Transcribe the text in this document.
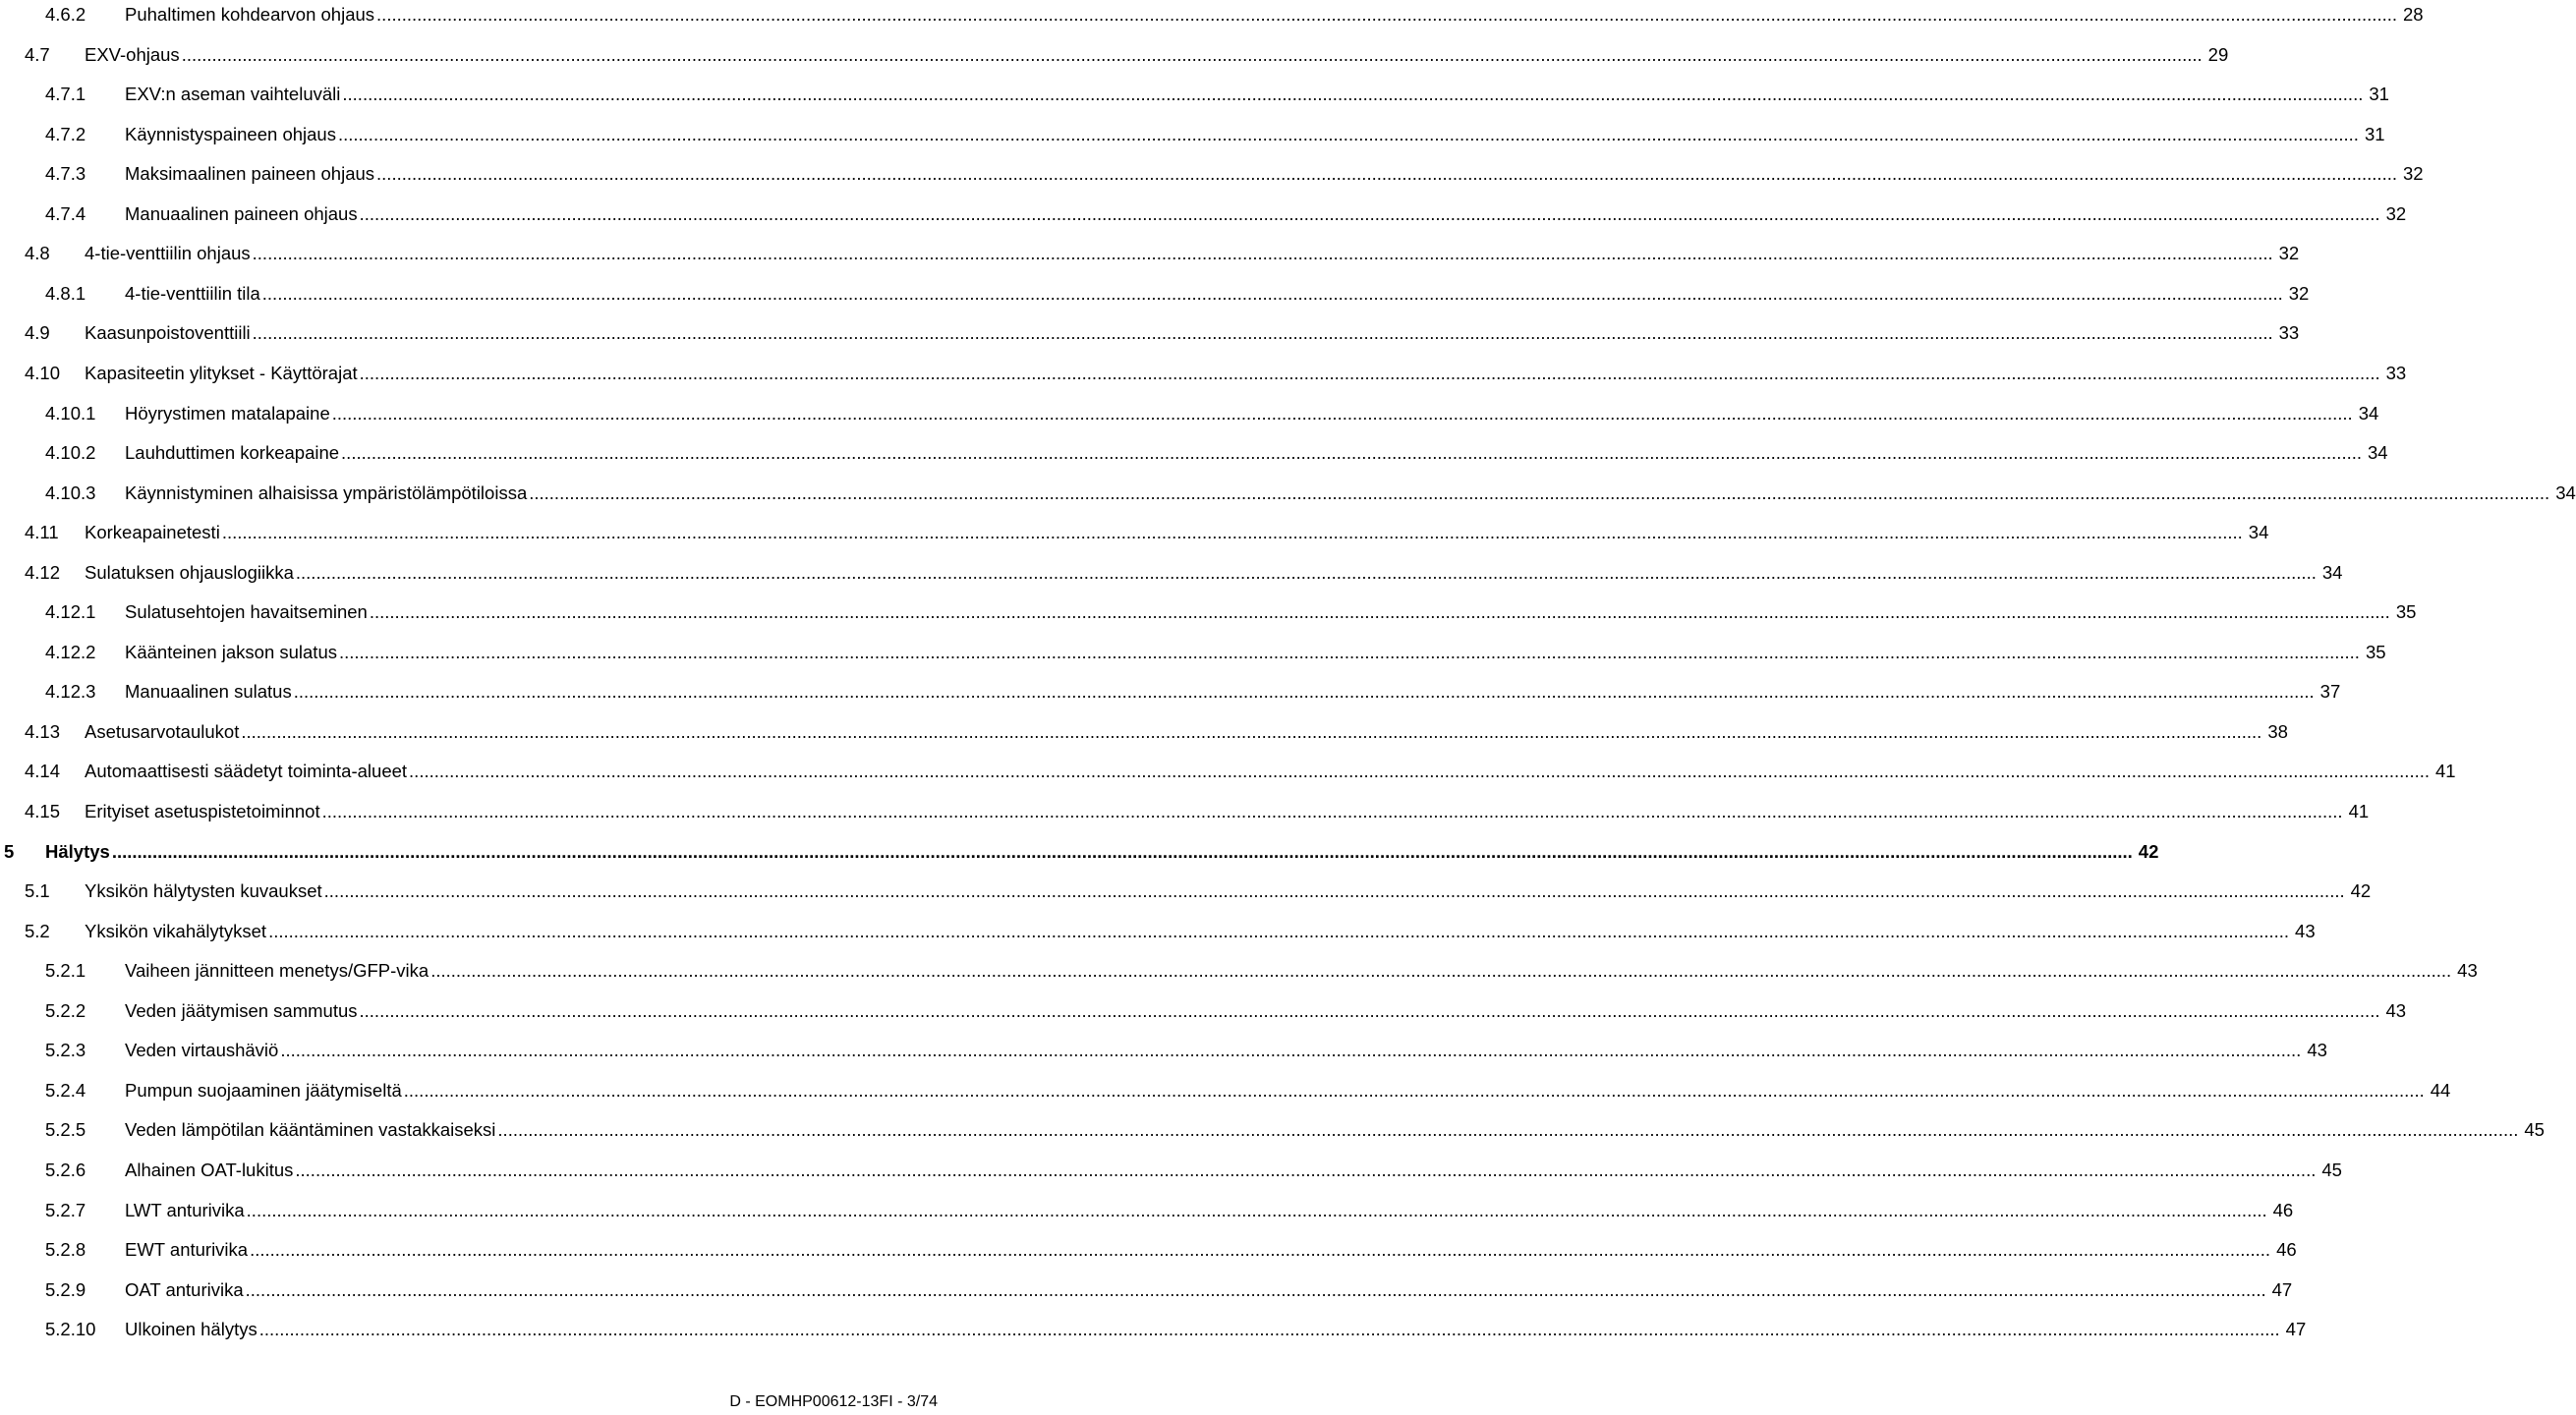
4.6.2 Puhaltimen kohdearvon ohjaus ................................................................................................................................................................................................................................................................................................................................................................................................................ 28
4.7 EXV-ohjaus ................................................................................................................................................................................................................................................................................................................................................................................................................ 29
4.7.1 EXV:n aseman vaihteluväli ................................................................................................................................................................................................................................................................................................................................................................................................................ 31
4.7.2 Käynnistyspaineen ohjaus ................................................................................................................................................................................................................................................................................................................................................................................................................ 31
4.7.3 Maksimaalinen paineen ohjaus ................................................................................................................................................................................................................................................................................................................................................................................................................ 32
4.7.4 Manuaalinen paineen ohjaus ................................................................................................................................................................................................................................................................................................................................................................................................................ 32
4.8 4-tie-venttiilin ohjaus ................................................................................................................................................................................................................................................................................................................................................................................................................ 32
4.8.1 4-tie-venttiilin tila ................................................................................................................................................................................................................................................................................................................................................................................................................ 32
4.9 Kaasunpoistoventtiili ................................................................................................................................................................................................................................................................................................................................................................................................................ 33
4.10 Kapasiteetin ylitykset - Käyttörajat ................................................................................................................................................................................................................................................................................................................................................................................................................ 33
4.10.1 Höyrystimen matalapaine ................................................................................................................................................................................................................................................................................................................................................................................................................ 34
4.10.2 Lauhduttimen korkeapaine ................................................................................................................................................................................................................................................................................................................................................................................................................ 34
4.10.3 Käynnistyminen alhaisissa ympäristölämpötiloissa ................................................................................................................................................................................................................................................................................................................................................................................................................ 34
4.11 Korkeapainetesti ................................................................................................................................................................................................................................................................................................................................................................................................................ 34
4.12 Sulatuksen ohjauslogiikka ................................................................................................................................................................................................................................................................................................................................................................................................................ 34
4.12.1 Sulatusehtojen havaitseminen ................................................................................................................................................................................................................................................................................................................................................................................................................ 35
4.12.2 Käänteinen jakson sulatus ................................................................................................................................................................................................................................................................................................................................................................................................................ 35
4.12.3 Manuaalinen sulatus ................................................................................................................................................................................................................................................................................................................................................................................................................ 37
4.13 Asetusarvotaulukot ................................................................................................................................................................................................................................................................................................................................................................................................................ 38
4.14 Automaattisesti säädetyt toiminta-alueet ................................................................................................................................................................................................................................................................................................................................................................................................................ 41
4.15 Erityiset asetuspistetoiminnot ................................................................................................................................................................................................................................................................................................................................................................................................................ 41
5 Hälytys ................................................................................................................................................................................................................................................................................................................................................................................................................ 42
5.1 Yksikön hälytysten kuvaukset ................................................................................................................................................................................................................................................................................................................................................................................................................ 42
5.2 Yksikön vikahälytykset ................................................................................................................................................................................................................................................................................................................................................................................................................ 43
5.2.1 Vaiheen jännitteen menetys/GFP-vika ................................................................................................................................................................................................................................................................................................................................................................................................................ 43
5.2.2 Veden jäätymisen sammutus ................................................................................................................................................................................................................................................................................................................................................................................................................ 43
5.2.3 Veden virtaushäviö ................................................................................................................................................................................................................................................................................................................................................................................................................ 43
5.2.4 Pumpun suojaaminen jäätymiseltä ................................................................................................................................................................................................................................................................................................................................................................................................................ 44
5.2.5 Veden lämpötilan kääntäminen vastakkaiseksi ................................................................................................................................................................................................................................................................................................................................................................................................................ 45
5.2.6 Alhainen OAT-lukitus ................................................................................................................................................................................................................................................................................................................................................................................................................ 45
5.2.7 LWT anturivika ................................................................................................................................................................................................................................................................................................................................................................................................................ 46
5.2.8 EWT anturivika ................................................................................................................................................................................................................................................................................................................................................................................................................ 46
5.2.9 OAT anturivika ................................................................................................................................................................................................................................................................................................................................................................................................................ 47
5.2.10 Ulkoinen hälytys ................................................................................................................................................................................................................................................................................................................................................................................................................ 47
D - EOMHP00612-13FI - 3/74
